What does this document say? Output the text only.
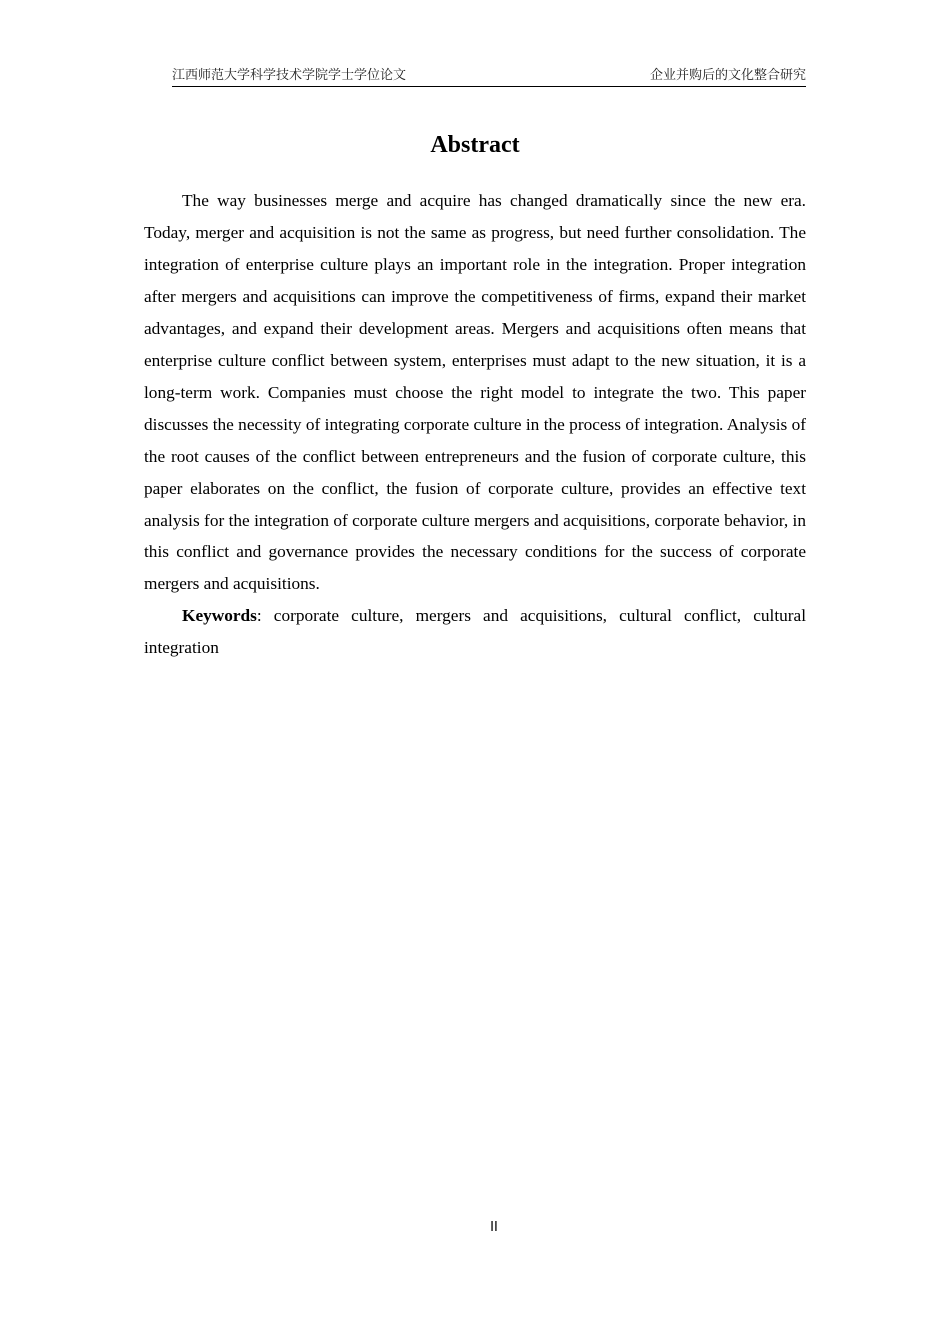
江西师范大学科学技术学院学士学位论文	企业并购后的文化整合研究
Abstract

The way businesses merge and acquire has changed dramatically since the new era. Today, merger and acquisition is not the same as progress, but need further consolidation. The integration of enterprise culture plays an important role in the integration. Proper integration after mergers and acquisitions can improve the competitiveness of firms, expand their market advantages, and expand their development areas. Mergers and acquisitions often means that enterprise culture conflict between system, enterprises must adapt to the new situation, it is a long-term work. Companies must choose the right model to integrate the two. This paper discusses the necessity of integrating corporate culture in the process of integration. Analysis of the root causes of the conflict between entrepreneurs and the fusion of corporate culture, this paper elaborates on the conflict, the fusion of corporate culture, provides an effective text analysis for the integration of corporate culture mergers and acquisitions, corporate behavior, in this conflict and governance provides the necessary conditions for the success of corporate mergers and acquisitions.

Keywords: corporate culture, mergers and acquisitions, cultural conflict, cultural integration

II
